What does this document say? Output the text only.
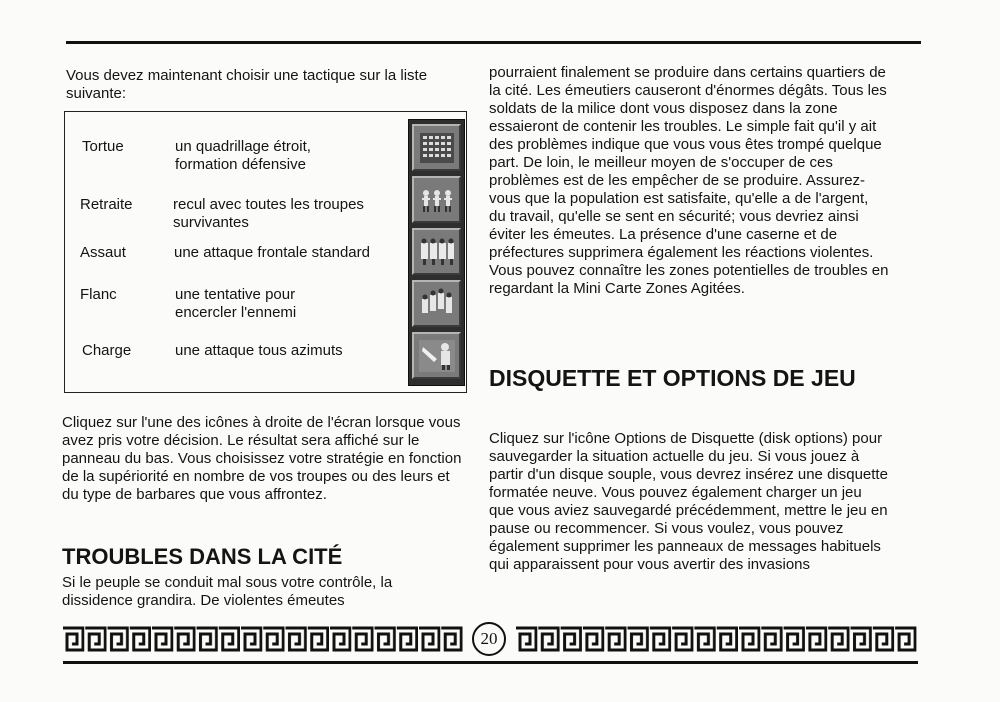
Vous devez maintenant choisir une tactique sur la liste suivante:

Tortue	un quadrillage étroit, formation défensive
Retraite	recul avec toutes les troupes survivantes
Assaut	une attaque frontale standard
Flanc	une tentative pour encercler l'ennemi
Charge	une attaque tous azimuts

Cliquez sur l'une des icônes à droite de l'écran lorsque vous avez pris votre décision. Le résultat sera affiché sur le panneau du bas. Vous choisissez votre stratégie en fonction de la supériorité en nombre de vos troupes ou des leurs et du type de barbares que vous affrontez.

TROUBLES DANS LA CITÉ

Si le peuple se conduit mal sous votre contrôle, la dissidence grandira. De violentes émeutes

pourraient finalement se produire dans certains quartiers de la cité. Les émeutiers causeront d'énormes dégâts. Tous les soldats de la milice dont vous disposez dans la zone essaieront de contenir les troubles. Le simple fait qu'il y ait des problèmes indique que vous vous êtes trompé quelque part. De loin, le meilleur moyen de s'occuper de ces problèmes est de les empêcher de se produire. Assurez-vous que la population est satisfaite, qu'elle a de l'argent, du travail, qu'elle se sent en sécurité; vous devriez ainsi éviter les émeutes. La présence d'une caserne et de préfectures supprimera également les réactions violentes. Vous pouvez connaître les zones potentielles de troubles en regardant la Mini Carte Zones Agitées.

DISQUETTE ET OPTIONS DE JEU

Cliquez sur l'icône Options de Disquette (disk options) pour sauvegarder la situation actuelle du jeu. Si vous jouez à partir d'un disque souple, vous devrez insérez une disquette formatée neuve. Vous pouvez également charger un jeu que vous aviez sauvegardé précédemment, mettre le jeu en pause ou recommencer. Si vous voulez, vous pouvez également supprimer les panneaux de messages habituels qui apparaissent pour vous avertir des invasions

20
